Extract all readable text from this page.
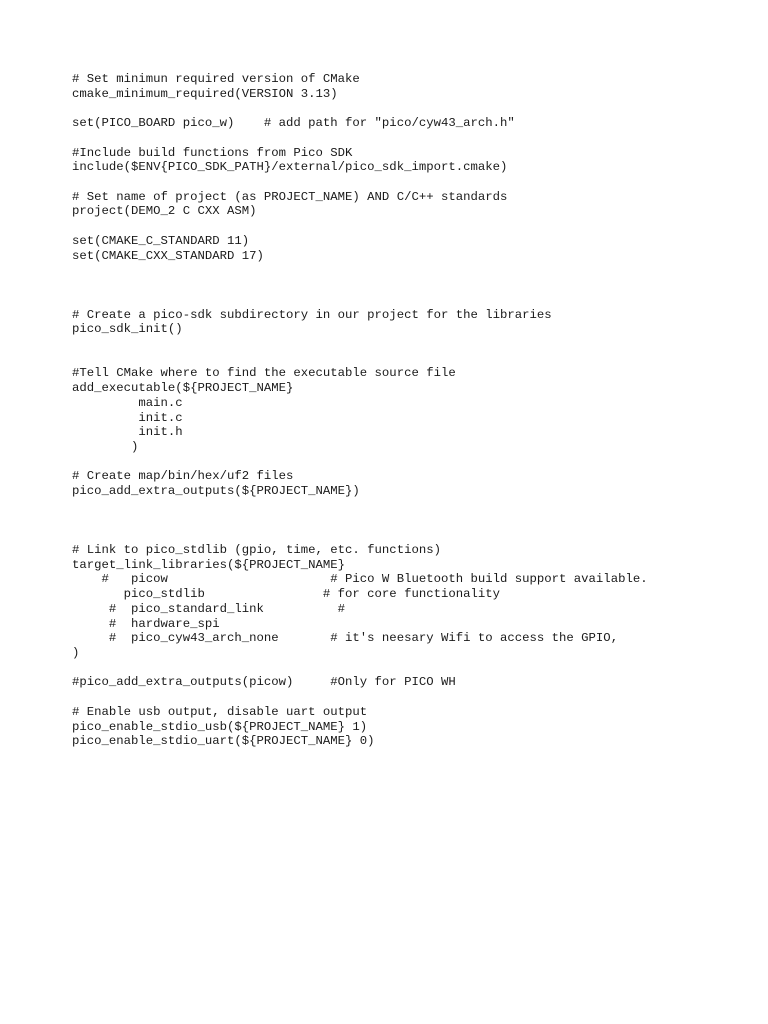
# Set minimun required version of CMake
cmake_minimum_required(VERSION 3.13)
set(PICO_BOARD pico_w)    # add path for "pico/cyw43_arch.h"
#Include build functions from Pico SDK
include($ENV{PICO_SDK_PATH}/external/pico_sdk_import.cmake)
# Set name of project (as PROJECT_NAME) AND C/C++ standards
project(DEMO_2 C CXX ASM)
set(CMAKE_C_STANDARD 11)
set(CMAKE_CXX_STANDARD 17)
# Create a pico-sdk subdirectory in our project for the libraries
pico_sdk_init()
#Tell CMake where to find the executable source file
add_executable(${PROJECT_NAME}
main.c
init.c
init.h
)
# Create map/bin/hex/uf2 files
pico_add_extra_outputs(${PROJECT_NAME})
# Link to pico_stdlib (gpio, time, etc. functions)
target_link_libraries(${PROJECT_NAME}
#   picow                      # Pico W Bluetooth build support available.
pico_stdlib                # for core functionality
#  pico_standard_link          #
#  hardware_spi
#  pico_cyw43_arch_none       # it's neesary Wifi to access the GPIO,
)
#pico_add_extra_outputs(picow)     #Only for PICO WH
# Enable usb output, disable uart output
pico_enable_stdio_usb(${PROJECT_NAME} 1)
pico_enable_stdio_uart(${PROJECT_NAME} 0)
